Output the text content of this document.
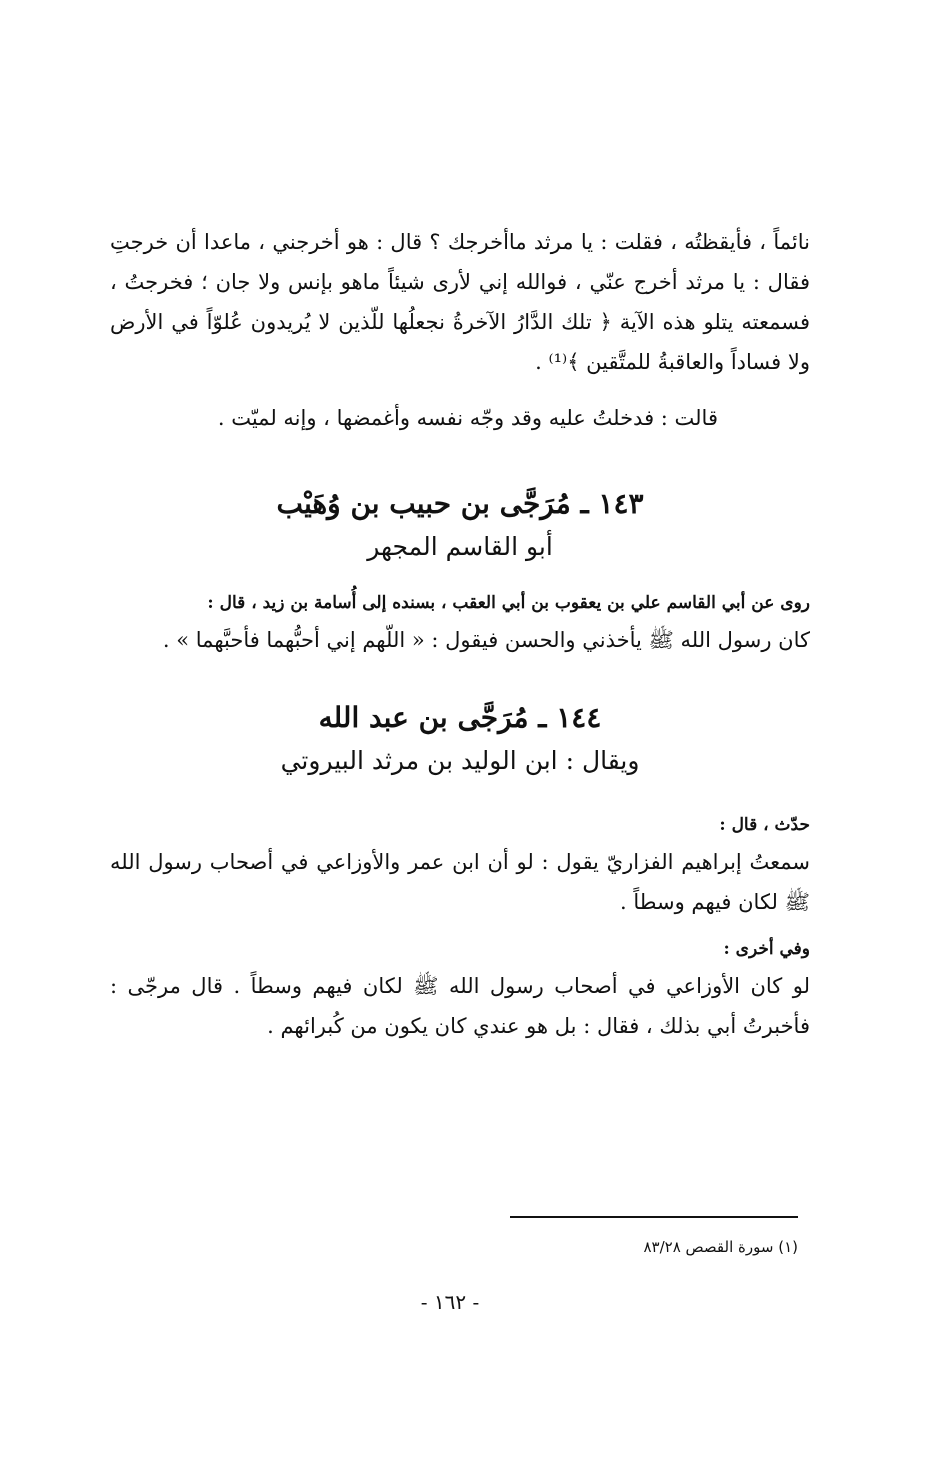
نائماً ، فأيقظتُه ، فقلت : يا مرثد ماأخرجك ؟ قال : هو أخرجني ، ماعدا أن خرجتِ فقال : يا مرثد أخرج عنّي ، فوالله إني لأرى شيئاً ماهو بإنس ولا جان ؛ فخرجتُ ، فسمعته يتلو هذه الآية ﴿ تلك الدَّارُ الآخرةُ نجعلُها للّذين لا يُريدون عُلوّاً في الأرض ولا فساداً والعاقبةُ للمتَّقين ﴾⁽¹⁾ .

قالت : فدخلتُ عليه وقد وجّه نفسه وأغمضها ، وإنه لميّت .

١٤٣ ـ مُرَجَّى بن حبيب بن وُهَيْب
أبو القاسم المجهر

روى عن أبي القاسم علي بن يعقوب بن أبي العقب ، بسنده إلى أُسامة بن زيد ، قال :

كان رسول الله ﷺ يأخذني والحسن فيقول : « اللّهم إني أحبُّهما فأحبَّهما » .

١٤٤ ـ مُرَجَّى بن عبد الله
ويقال : ابن الوليد بن مرثد البيروتي

حدّث ، قال :

سمعتُ إبراهيم الفزاريّ يقول : لو أن ابن عمر والأوزاعي في أصحاب رسول الله ﷺ لكان فيهم وسطاً .

وفي أخرى :

لو كان الأوزاعي في أصحاب رسول الله ﷺ لكان فيهم وسطاً . قال مرجّى : فأخبرتُ أبي بذلك ، فقال : بل هو عندي كان يكون من كُبرائهم .

(١) سورة القصص ٨٣/٢٨
- ١٦٢ -
